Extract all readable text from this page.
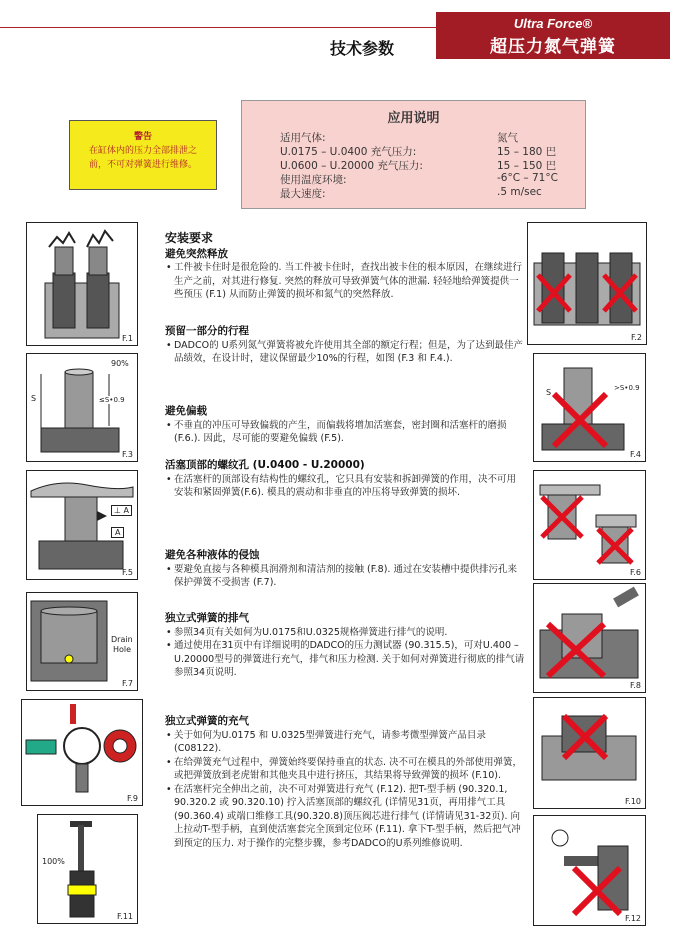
Ultra Force®
超压力氮气弹簧
技术参数
警告
在缸体内的压力全部排泄之
前，不可对弹簧进行维修。
应用说明
适用气体:	氮气
U.0175 – U.0400 充气压力:	15 – 180 巴
U.0600 – U.20000 充气压力:	15 – 150 巴
使用温度环境:	-6°C – 71°C
最大速度:	.5 m/sec
F.1
90%
S	≤S•0.9
F.3
⊥ A
A
F.5
Drain
Hole
F.7
F.9
100%
F.11
F.2
S	>S•0.9
F.4
F.6
F.8
F.10
F.12
安装要求
避免突然释放

• 工件被卡住时是很危险的. 当工件被卡住时，查找出被卡住的根本原因，在继续进行生产之前，对其进行修复. 突然的释放可导致弹簧气体的泄漏. 轻轻地给弹簧提供一些预压 (F.1) 从而防止弹簧的损坏和氮气的突然释放.

预留一部分的行程

• DADCO的 U系列氮气弹簧将被允许使用其全部的额定行程；但是，为了达到最佳产品绩效，在设计时，建议保留最少10%的行程，如图 (F.3 和 F.4.).

避免偏载

• 不垂直的冲压可导致偏载的产生，而偏载将增加活塞套，密封圈和活塞杆的磨损 (F.6.). 因此，尽可能的要避免偏载 (F.5).

活塞顶部的螺纹孔 (U.0400 - U.20000)

• 在活塞杆的顶部设有结构性的螺纹孔，它只具有安装和拆卸弹簧的作用，决不可用 安装和紧固弹簧(F.6). 模具的震动和非垂直的冲压将导致弹簧的损坏.

避免各种液体的侵蚀

• 要避免直接与各种模具润滑剂和清洁剂的接触 (F.8). 通过在安装槽中提供排污孔来保护弹簧不受损害 (F.7).

独立式弹簧的排气

• 参照34页有关如何为U.0175和U.0325规格弹簧进行排气的说明.

• 通过使用在31页中有详细说明的DADCO的压力测试器 (90.315.5)，可对U.400 – U.20000型号的弹簧进行充气，排气和压力检测. 关于如何对弹簧进行彻底的排气请参照34页说明.

独立式弹簧的充气

• 关于如何为U.0175 和 U.0325型弹簧进行充气，请参考微型弹簧产品目录 (C08122).

• 在给弹簧充气过程中，弹簧始终要保持垂直的状态. 决不可在模具的外部使用弹簧，或把弹簧放到老虎钳和其他夹具中进行挤压，其结果将导致弹簧的损坏 (F.10).

• 在活塞杆完全伸出之前，决不可对弹簧进行充气 (F.12). 把T-型手柄 (90.320.1, 90.320.2 或 90.320.10) 拧入活塞顶部的螺纹孔 (详情见31页，再用排气工具(90.360.4) 或端口维修工具(90.320.8)顶压阀芯进行排气 (详情请见31-32页). 向上拉动T-型手柄，直到使活塞套完全顶到定位环 (F.11). 拿下T-型手柄，然后把气冲到预定的压力. 对于操作的完整步骤，参考DADCO的U系列维修说明.
